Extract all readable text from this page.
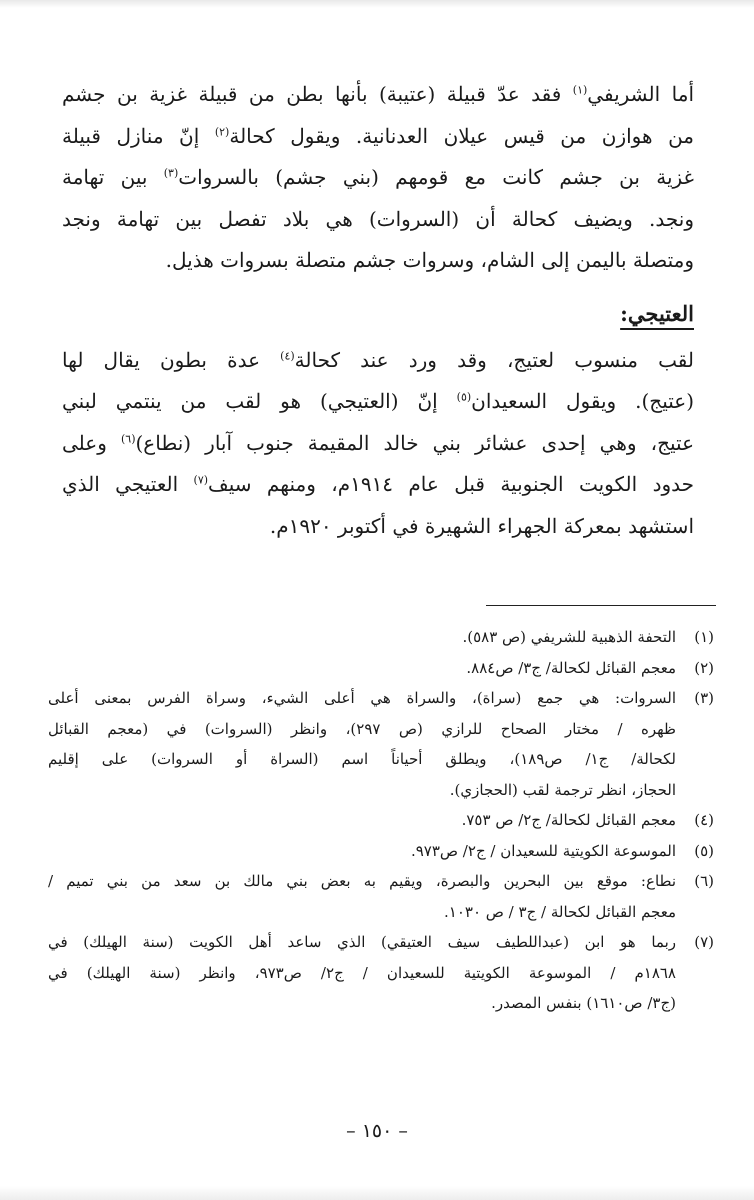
أما الشريفي$^{(١)}$ فقد عدّ قبيلة (عتيبة) بأنها بطن من قبيلة غزية بن جشم
من هوازن من قيس عيلان العدنانية. ويقول كحالة$^{(٢)}$ إنّ منازل قبيلة
غزية بن جشم كانت مع قومهم (بني جشم) بالسروات$^{(٣)}$ بين تهامة
ونجد. ويضيف كحالة أن (السروات) هي بلاد تفصل بين تهامة ونجد
ومتصلة باليمن إلى الشام، وسروات جشم متصلة بسروات هذيل.

العتيجي:

لقب منسوب لعتيج، وقد ورد عند كحالة$^{(٤)}$ عدة بطون يقال لها
(عتيج). ويقول السعيدان$^{(٥)}$ إنّ (العتيجي) هو لقب من ينتمي لبني
عتيج، وهي إحدى عشائر بني خالد المقيمة جنوب آبار (نطاع)$^{(٦)}$ وعلى
حدود الكويت الجنوبية قبل عام ١٩١٤م، ومنهم سيف$^{(٧)}$ العتيجي الذي
استشهد بمعركة الجهراء الشهيرة في أكتوبر ١٩٢٠م.

(١)
التحفة الذهبية للشريفي (ص ٥٨٣).
(٢)
معجم القبائل لكحالة/ ج٣/ ص٨٨٤.
(٣)
السروات: هي جمع (سراة)، والسراة هي أعلى الشيء، وسراة الفرس بمعنى أعلى
ظهره / مختار الصحاح للرازي (ص ٢٩٧)، وانظر (السروات) في (معجم القبائل
لكحالة/ ج١/ ص١٨٩)، ويطلق أحياناً اسم (السراة أو السروات) على إقليم
الحجاز، انظر ترجمة لقب (الحجازي).
(٤)
معجم القبائل لكحالة/ ج٢/ ص ٧٥٣.
(٥)
الموسوعة الكويتية للسعيدان / ج٢/ ص٩٧٣.
(٦)
نطاع: موقع بين البحرين والبصرة، ويقيم به بعض بني مالك بن سعد من بني تميم /
معجم القبائل لكحالة / ج٣ / ص ١٠٣٠.
(٧)
ربما هو ابن (عبداللطيف سيف العتيقي) الذي ساعد أهل الكويت (سنة الهيلك) في
١٨٦٨م / الموسوعة الكويتية للسعيدان / ج٢/ ص٩٧٣، وانظر (سنة الهيلك) في
(ج٣/ ص١٦١٠) بنفس المصدر.
– ١٥٠ –
